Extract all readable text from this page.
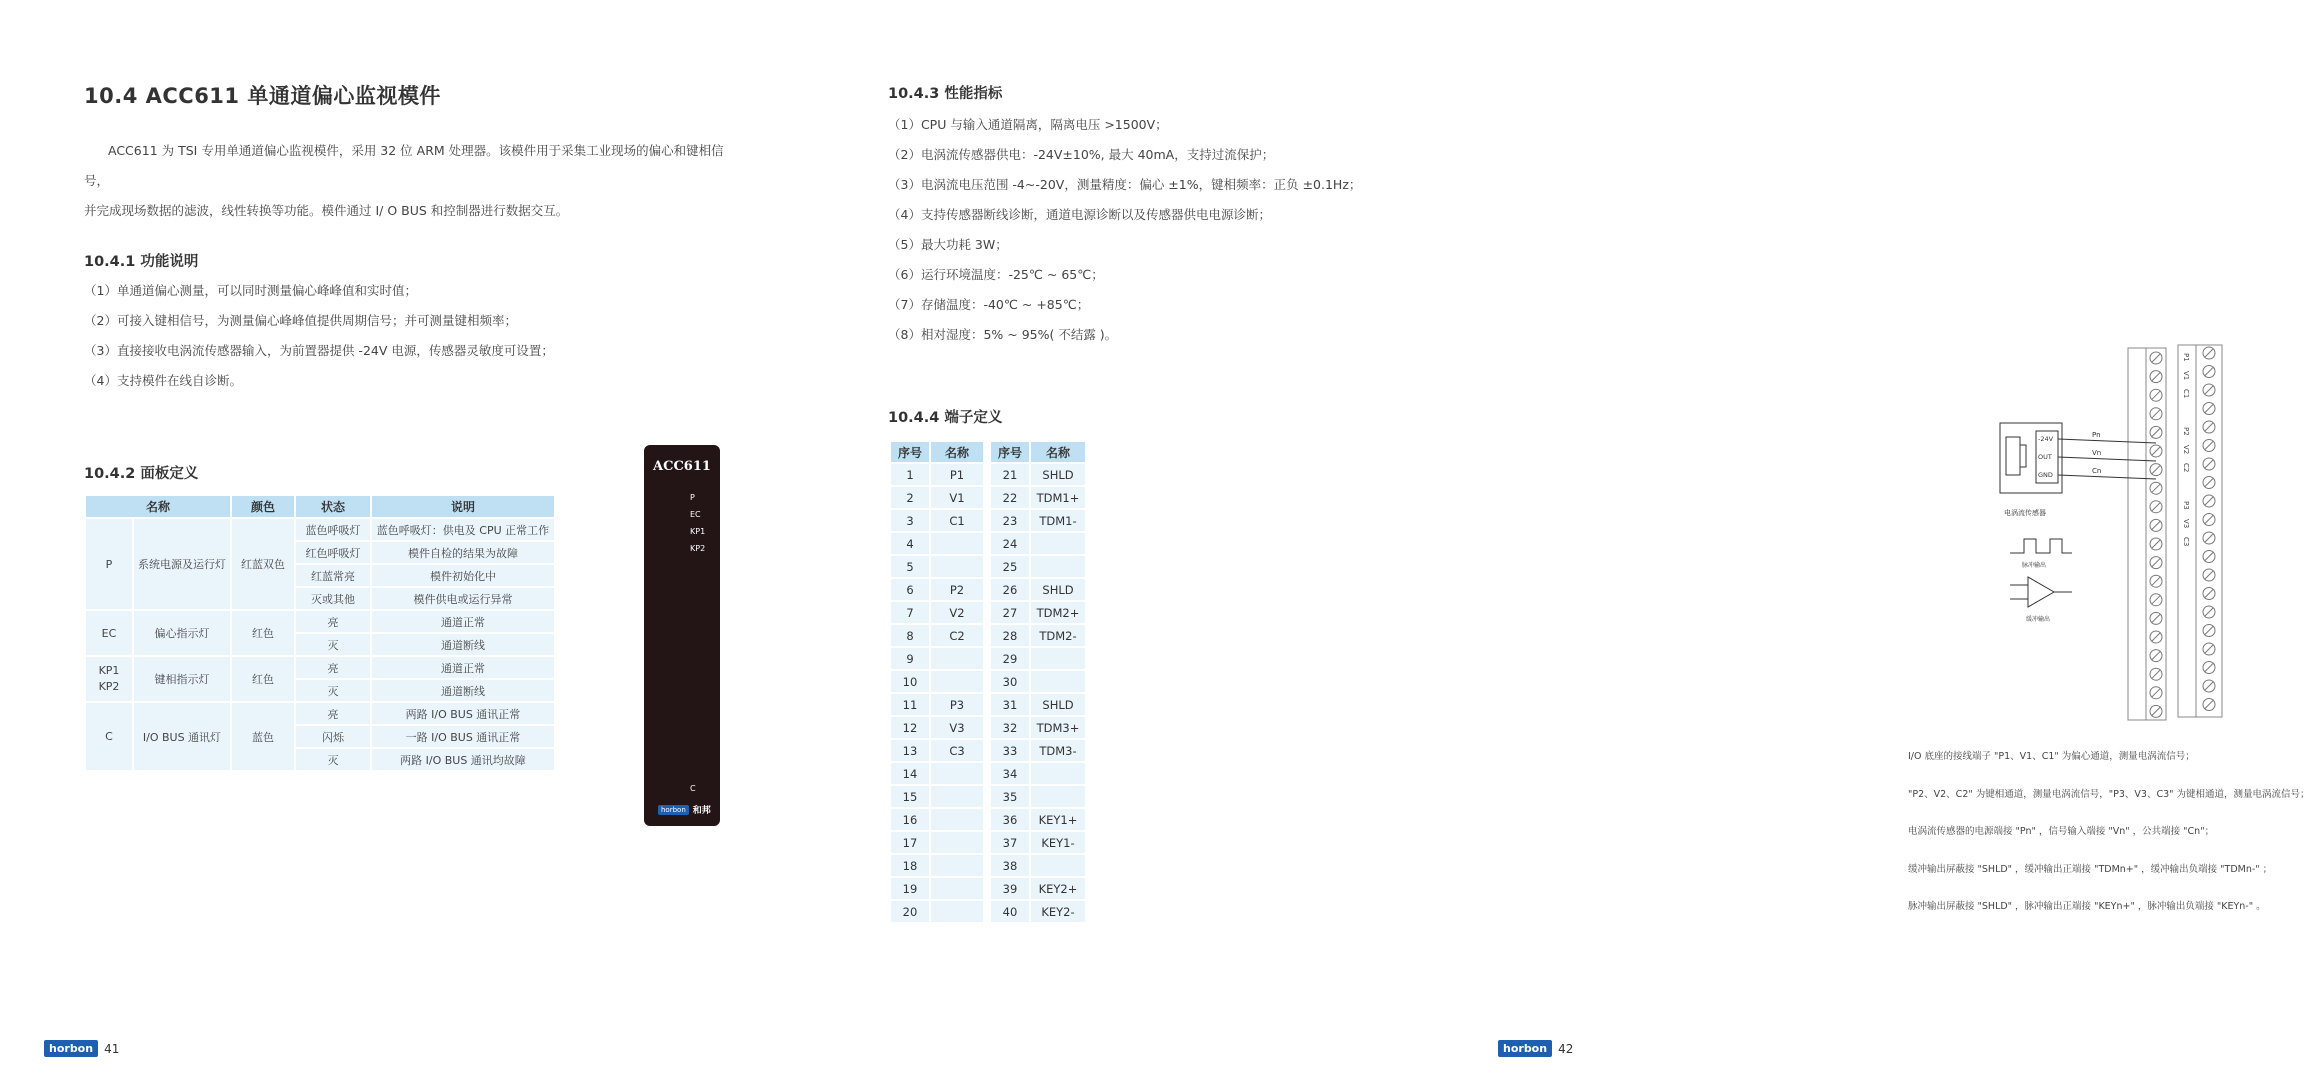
10.4 ACC611 单通道偏心监视模件
ACC611 为 TSI 专用单通道偏心监视模件，采用 32 位 ARM 处理器。该模件用于采集工业现场的偏心和键相信号，
并完成现场数据的滤波，线性转换等功能。模件通过 I/ O BUS 和控制器进行数据交互。
10.4.1 功能说明
（1）单通道偏心测量，可以同时测量偏心峰峰值和实时值；
（2）可接入键相信号，为测量偏心峰峰值提供周期信号；并可测量键相频率；
（3）直接接收电涡流传感器输入，为前置器提供 -24V 电源，传感器灵敏度可设置；
（4）支持模件在线自诊断。
10.4.2 面板定义
名称		颜色	状态	说明
P	系统电源及运行灯	红蓝双色	蓝色呼吸灯	蓝色呼吸灯：供电及 CPU 正常工作
			红色呼吸灯	模件自检的结果为故障
			红蓝常亮	模件初始化中
			灭或其他	模件供电或运行异常
EC	偏心指示灯	红色	亮	通道正常
			灭	通道断线
KP1
KP2	键相指示灯	红色	亮	通道正常
			灭	通道断线
C	I/O BUS 通讯灯	蓝色	亮	两路 I/O BUS 通讯正常
			闪烁	一路 I/O BUS 通讯正常
			灭	两路 I/O BUS 通讯均故障
ACC611
P
EC
KP1
KP2
C
horbon 和邦
horbon 41
10.4.3 性能指标
（1）CPU 与输入通道隔离，隔离电压 >1500V；
（2）电涡流传感器供电：-24V±10%, 最大 40mA，支持过流保护；
（3）电涡流电压范围 -4~-20V，测量精度：偏心 ±1%，键相频率：正负 ±0.1Hz；
（4）支持传感器断线诊断，通道电源诊断以及传感器供电电源诊断；
（5）最大功耗 3W；
（6）运行环境温度：-25℃ ~ 65℃；
（7）存储温度：-40℃ ~ +85℃；
（8）相对湿度：5% ~ 95%( 不结露 )。
10.4.4 端子定义
序号	名称
1	P1
2	V1
3	C1
4	
5	
6	P2
7	V2
8	C2
9	
10	
11	P3
12	V3
13	C3
14	
15	
16	
17	
18	
19	
20	
序号	名称
21	SHLD
22	TDM1+
23	TDM1-
24	
25	
26	SHLD
27	TDM2+
28	TDM2-
29	
30	
31	SHLD
32	TDM3+
33	TDM3-
34	
35	
36	KEY1+
37	KEY1-
38	
39	KEY2+
40	KEY2-
P1
V1
C1
P2
V2
C2
P3
V3
C3
-24V
OUT
GND
Pn
Vn
Cn
电涡流传感器
脉冲输出
缓冲输出
I/O 底座的接线端子 "P1、V1、C1" 为偏心通道，测量电涡流信号；
"P2、V2、C2" 为键相通道，测量电涡流信号，"P3、V3、C3" 为键相通道，测量电涡流信号；
电涡流传感器的电源端接 "Pn" ，信号输入端接 "Vn" ，公共端接 "Cn"；
缓冲输出屏蔽接 "SHLD" ，缓冲输出正端接 "TDMn+" ，缓冲输出负端接 "TDMn-" ；
脉冲输出屏蔽接 "SHLD" ，脉冲输出正端接 "KEYn+" ，脉冲输出负端接 "KEYn-" 。
horbon 42
